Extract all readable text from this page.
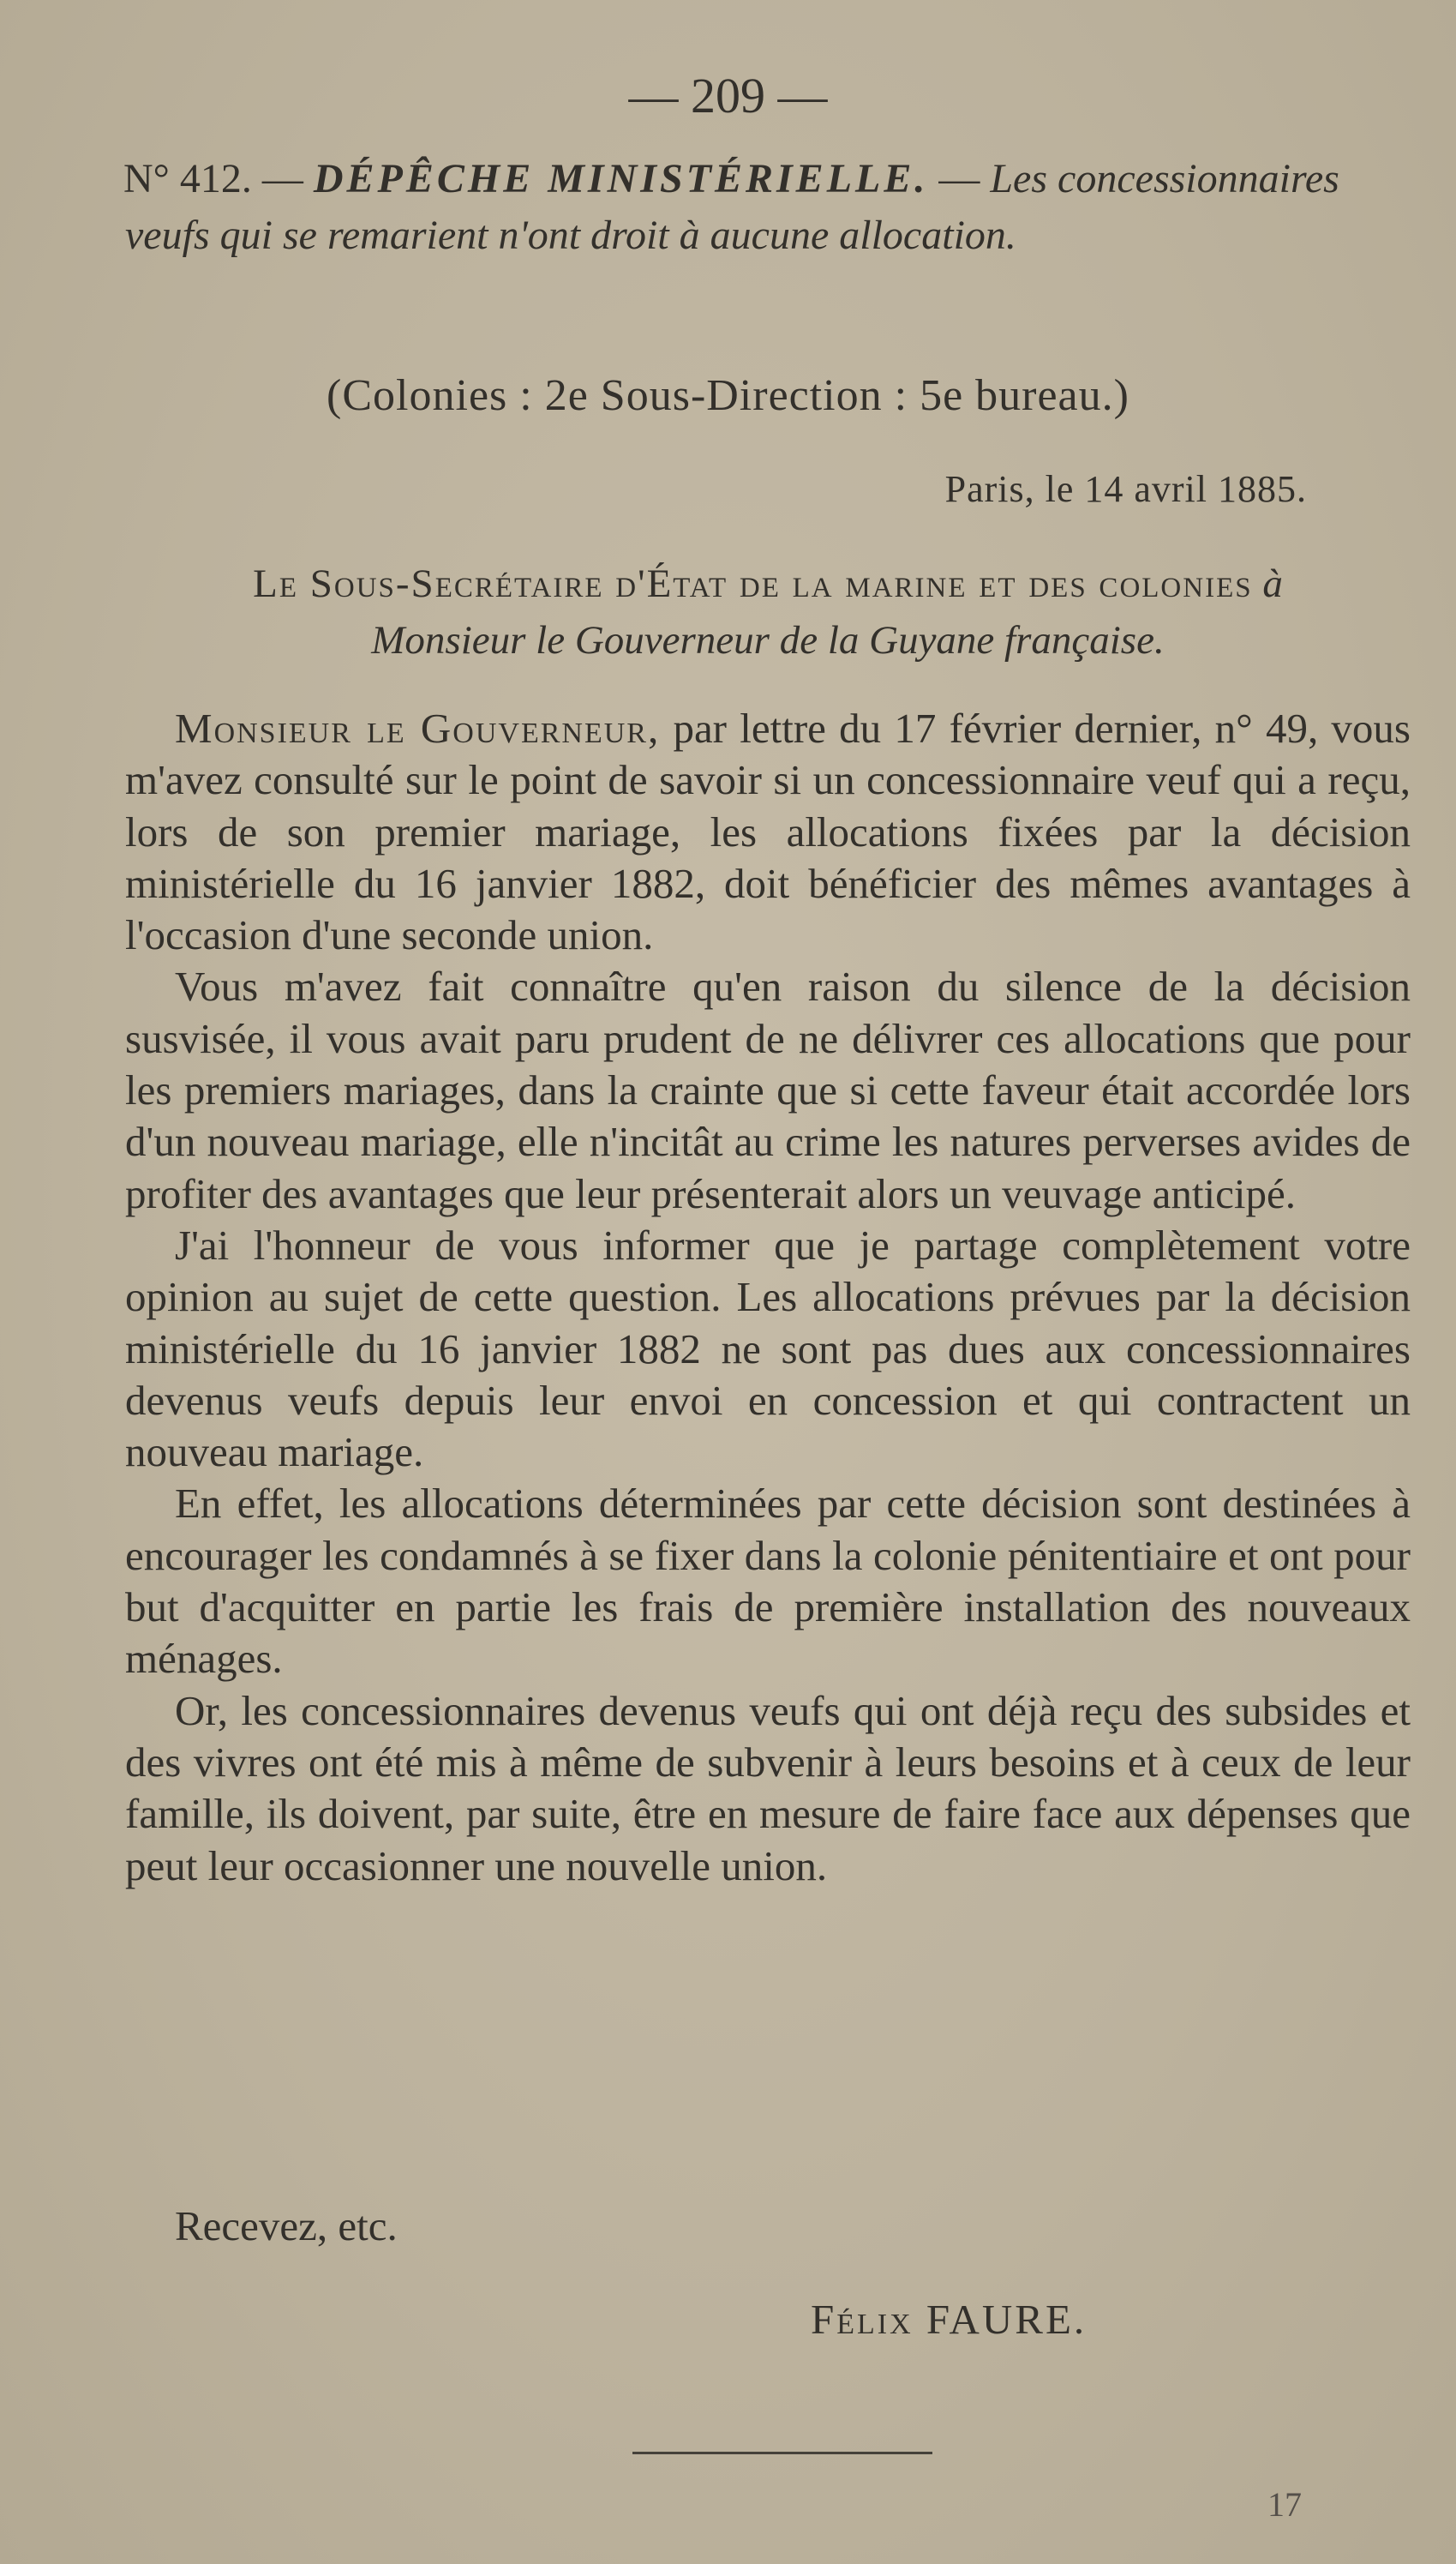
— 209 —
N° 412. — DÉPÊCHE MINISTÉRIELLE. — Les concessionnaires veufs qui se remarient n'ont droit à aucune allocation.
(Colonies : 2e Sous-Direction : 5e bureau.)
Paris, le 14 avril 1885.
Le Sous-Secrétaire d'État de la marine et des colonies à
Monsieur le Gouverneur de la Guyane française.

Monsieur le Gouverneur, par lettre du 17 février dernier, n° 49, vous m'avez consulté sur le point de savoir si un concessionnaire veuf qui a reçu, lors de son premier mariage, les allocations fixées par la décision ministérielle du 16 janvier 1882, doit bénéficier des mêmes avantages à l'occasion d'une seconde union.

Vous m'avez fait connaître qu'en raison du silence de la décision susvisée, il vous avait paru prudent de ne délivrer ces allocations que pour les premiers mariages, dans la crainte que si cette faveur était accordée lors d'un nouveau mariage, elle n'incitât au crime les natures perverses avides de profiter des avantages que leur présenterait alors un veuvage anticipé.

J'ai l'honneur de vous informer que je partage complètement votre opinion au sujet de cette question. Les allocations prévues par la décision ministérielle du 16 janvier 1882 ne sont pas dues aux concessionnaires devenus veufs depuis leur envoi en concession et qui contractent un nouveau mariage.

En effet, les allocations déterminées par cette décision sont destinées à encourager les condamnés à se fixer dans la colonie pénitentiaire et ont pour but d'acquitter en partie les frais de première installation des nouveaux ménages.

Or, les concessionnaires devenus veufs qui ont déjà reçu des subsides et des vivres ont été mis à même de subvenir à leurs besoins et à ceux de leur famille, ils doivent, par suite, être en mesure de faire face aux dépenses que peut leur occasionner une nouvelle union.

Recevez, etc.
Félix FAURE.
17
